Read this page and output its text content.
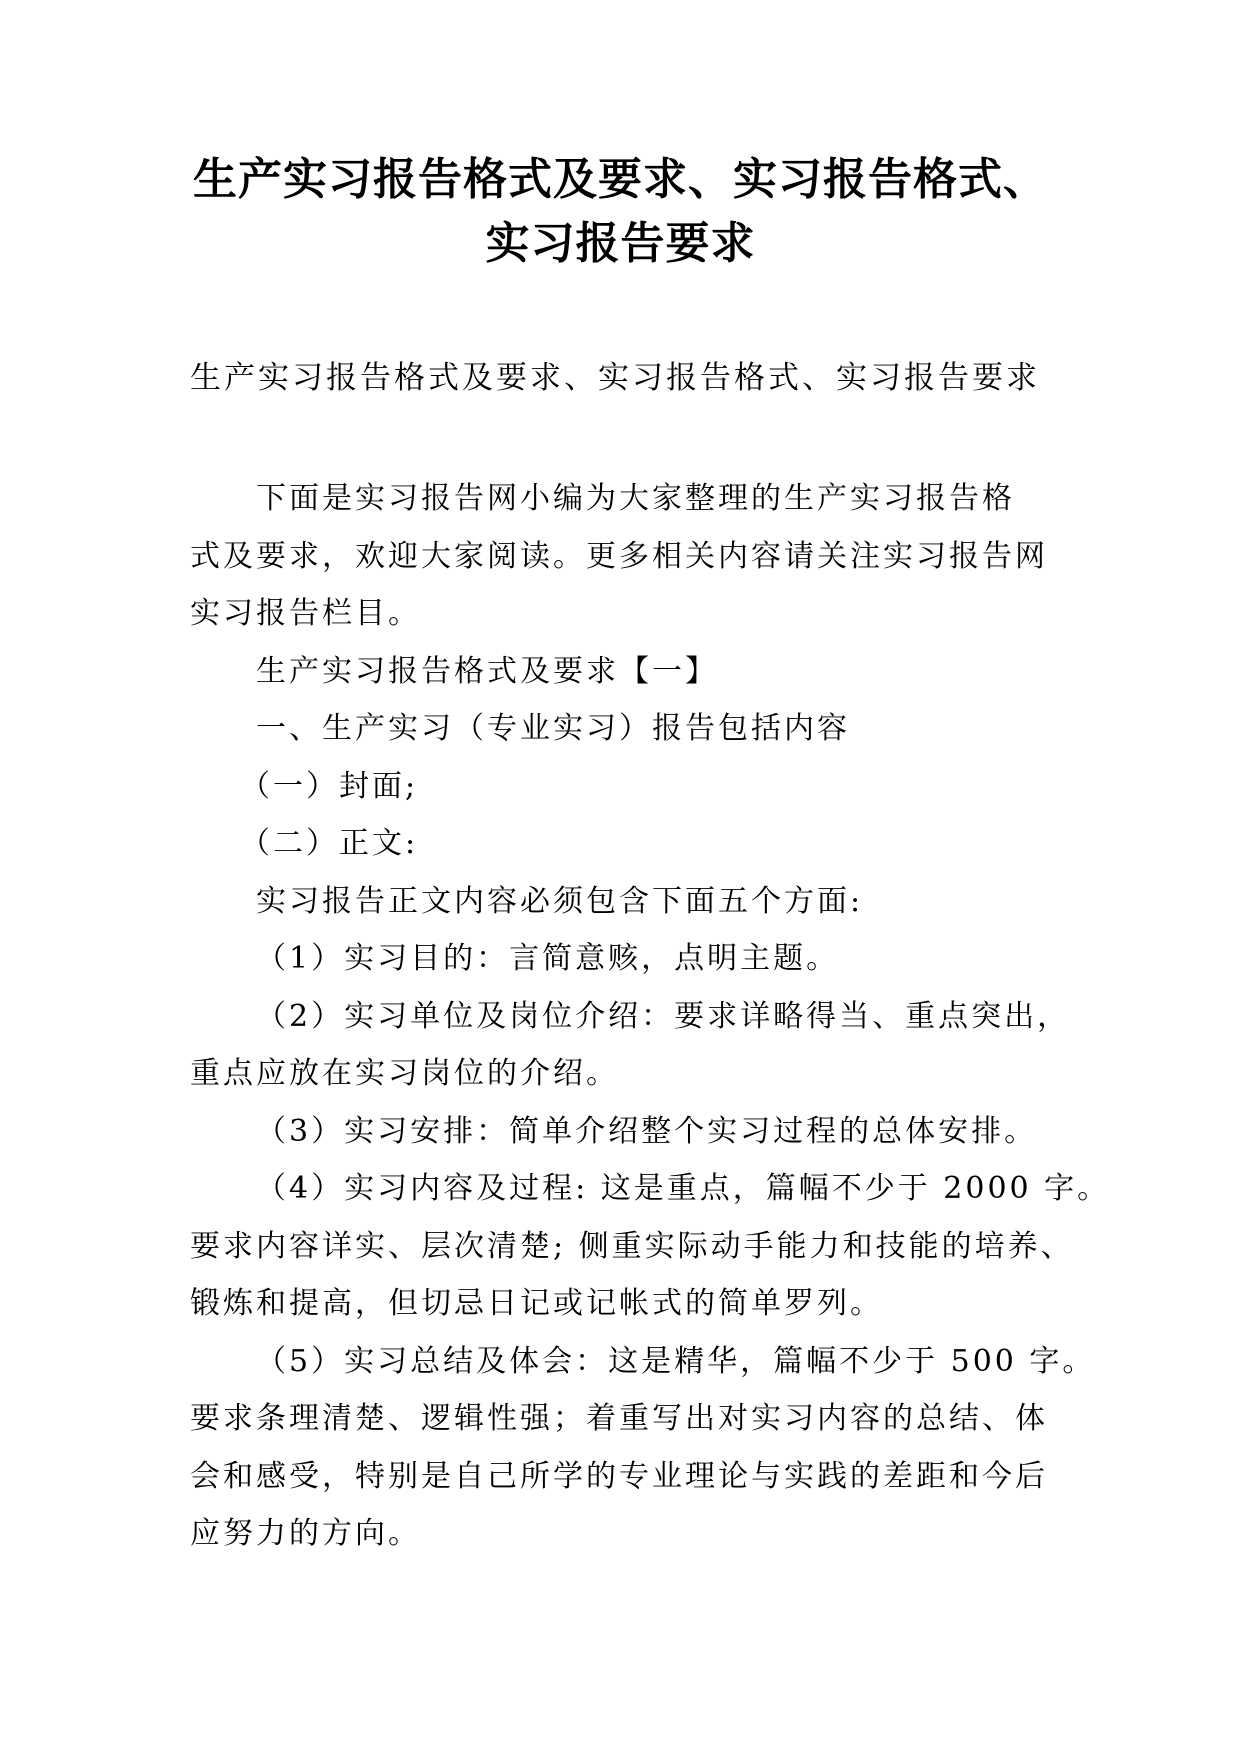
生产实习报告格式及要求、实习报告格式、
实习报告要求
生产实习报告格式及要求、实习报告格式、实习报告要求
下面是实习报告网小编为大家整理的生产实习报告格
式及要求，欢迎大家阅读。更多相关内容请关注实习报告网
实习报告栏目。
生产实习报告格式及要求【一】
一、生产实习（专业实习）报告包括内容
（一）封面;
（二）正文:
实习报告正文内容必须包含下面五个方面:
（1）实习目的：言简意赅，点明主题。
（2）实习单位及岗位介绍：要求详略得当、重点突出，
重点应放在实习岗位的介绍。
（3）实习安排：简单介绍整个实习过程的总体安排。
（4）实习内容及过程: 这是重点，篇幅不少于 2000 字。
要求内容详实、层次清楚; 侧重实际动手能力和技能的培养、
锻炼和提高，但切忌日记或记帐式的简单罗列。
（5）实习总结及体会：这是精华，篇幅不少于 500 字。
要求条理清楚、逻辑性强；着重写出对实习内容的总结、体
会和感受，特别是自己所学的专业理论与实践的差距和今后
应努力的方向。
